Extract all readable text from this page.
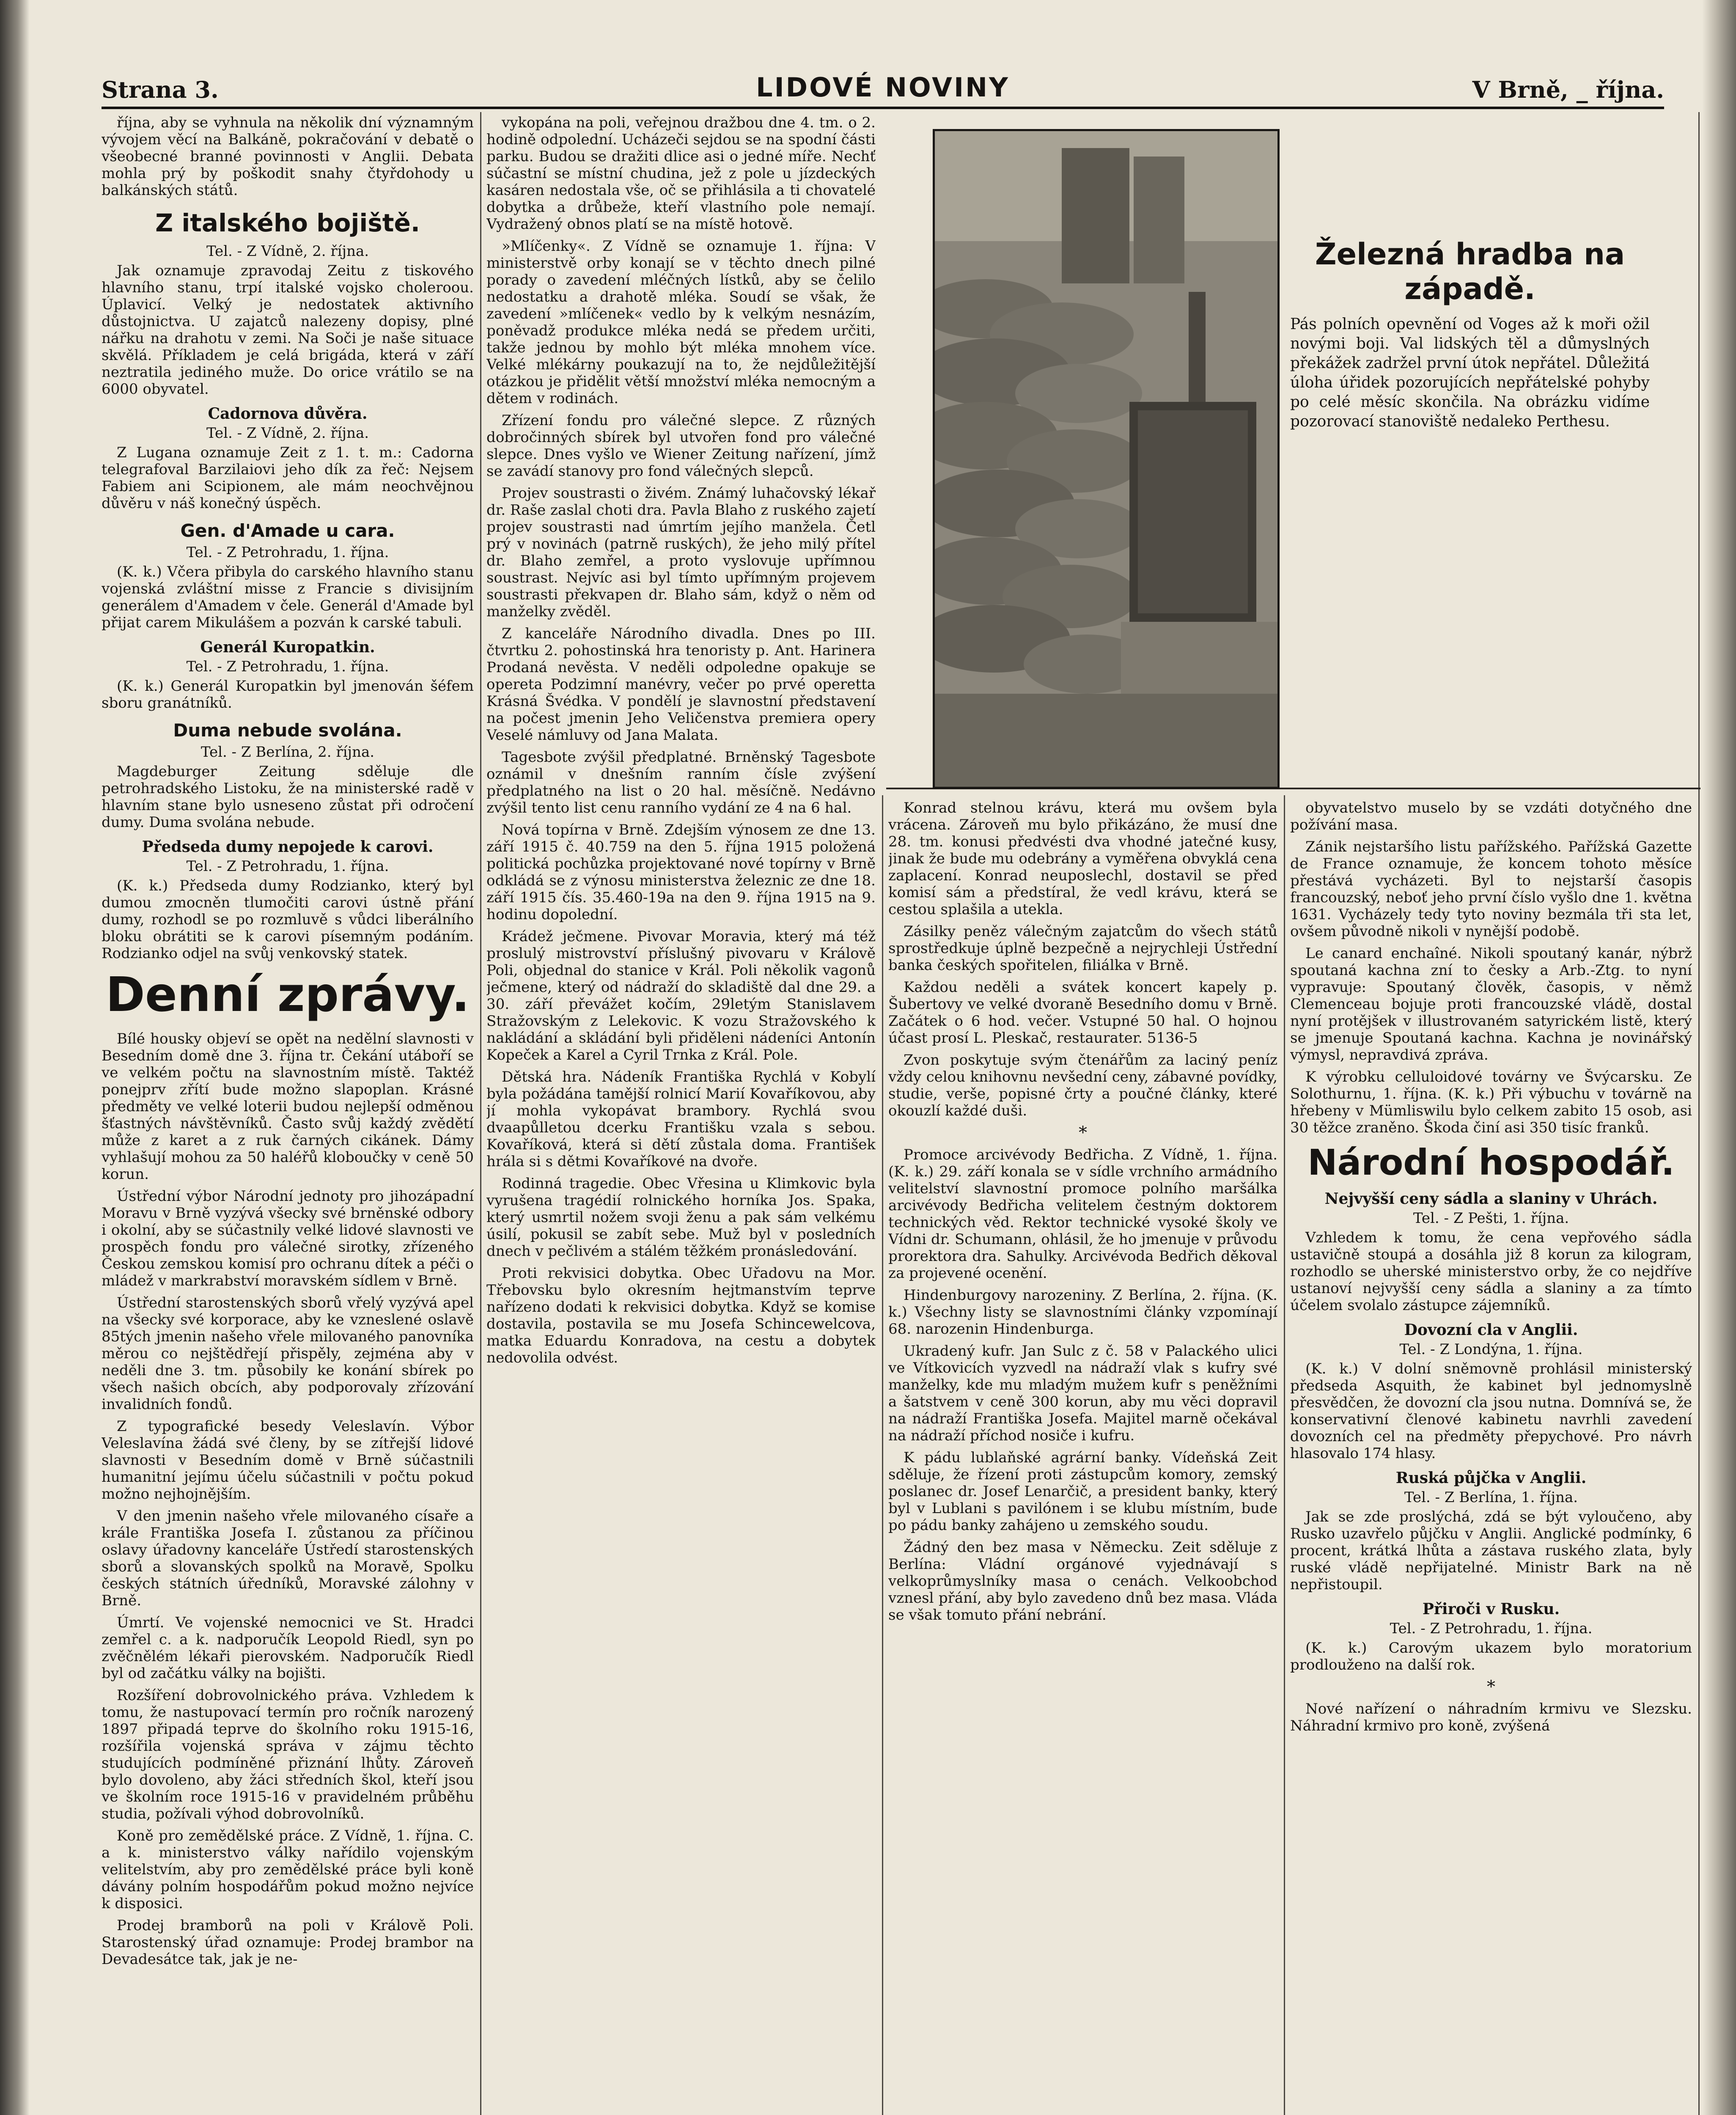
Strana 3.	LIDOVÉ NOVINY	V Brně, _ října.

října, aby se vyhnula na několik dní významným vývojem věcí na Balkáně, pokračování v debatě o všeobecné branné povinnosti v Anglii. Debata mohla prý by poškodit snahy čtyřdohody u balkánských států.

Z italského bojiště.

Tel. - Z Vídně, 2. října.

Jak oznamuje zpravodaj Zeitu z tiskového hlavního stanu, trpí italské vojsko choleroou. Úplavicí. Velký je nedostatek aktivního důstojnictva. U zajatců nalezeny dopisy, plné nářku na drahotu v zemi. Na Soči je naše situace skvělá. Příkladem je celá brigáda, která v září neztratila jediného muže. Do orice vrátilo se na 6000 obyvatel.

Cadornova důvěra.

Tel. - Z Vídně, 2. října.

Z Lugana oznamuje Zeit z 1. t. m.: Cadorna telegrafoval Barzilaiovi jeho dík za řeč: Nejsem Fabiem ani Scipionem, ale mám neochvějnou důvěru v náš konečný úspěch.

Gen. d'Amade u cara.

Tel. - Z Petrohradu, 1. října.

(K. k.) Včera přibyla do carského hlavního stanu vojenská zvláštní misse z Francie s divisijním generálem d'Amadem v čele. Generál d'Amade byl přijat carem Mikulášem a pozván k carské tabuli.

Generál Kuropatkin.

Tel. - Z Petrohradu, 1. října.

(K. k.) Generál Kuropatkin byl jmenován šéfem sboru granátníků.

Duma nebude svolána.

Tel. - Z Berlína, 2. října.

Magdeburger Zeitung sděluje dle petrohradského Listoku, že na ministerské radě v hlavním stane bylo usneseno zůstat při odročení dumy. Duma svolána nebude.

Předseda dumy nepojede k carovi.

Tel. - Z Petrohradu, 1. října.

(K. k.) Předseda dumy Rodzianko, který byl dumou zmocněn tlumočiti carovi ústně přání dumy, rozhodl se po rozmluvě s vůdci liberálního bloku obrátiti se k carovi písemným podáním. Rodzianko odjel na svůj venkovský statek.

Denní zprávy.

Bílé housky objeví se opět na nedělní slavnosti v Besedním domě dne 3. října tr. Čekání utáboří se ve velkém počtu na slavnostním místě. Taktéž ponejprv zřítí bude možno slapoplan. Krásné předměty ve velké loterii budou nejlepší odměnou šťastných návštěvníků. Často svůj každý zvědětí může z karet a z ruk čarných cikánek. Dámy vyhlašují mohou za 50 haléřů kloboučky v ceně 50 korun.

Ústřední výbor Národní jednoty pro jihozápadní Moravu v Brně vyzývá všecky své brněnské odbory i okolní, aby se súčastnily velké lidové slavnosti ve prospěch fondu pro válečné sirotky, zřízeného Českou zemskou komisí pro ochranu dítek a péči o mládež v markrabství moravském sídlem v Brně.

Ústřední starostenských sborů vřelý vyzývá apel na všecky své korporace, aby ke vzneslené oslavě 85tých jmenin našeho vřele milovaného panovníka měrou co nejštědřejí přispěly, zejména aby v neděli dne 3. tm. působily ke konání sbírek po všech našich obcích, aby podporovaly zřízování invalidních fondů.

Z typografické besedy Veleslavín. Výbor Veleslavína žádá své členy, by se zítřejší lidové slavnosti v Besedním domě v Brně súčastnili humanitní jejímu účelu súčastnili v počtu pokud možno nejhojnějším.

V den jmenin našeho vřele milovaného císaře a krále Františka Josefa I. zůstanou za příčinou oslavy úřadovny kanceláře Ústředí starostenských sborů a slovanských spolků na Moravě, Spolku českých státních úředníků, Moravské zálohny v Brně.

Úmrtí. Ve vojenské nemocnici ve St. Hradci zemřel c. a k. nadporučík Leopold Riedl, syn po zvěčnělém lékaři pierovském. Nadporučík Riedl byl od začátku války na bojišti.

Rozšíření dobrovolnického práva. Vzhledem k tomu, že nastupovací termín pro ročník narozený 1897 připadá teprve do školního roku 1915-16, rozšířila vojenská správa v zájmu těchto studujících podmíněné přiznání lhůty. Zároveň bylo dovoleno, aby žáci středních škol, kteří jsou ve školním roce 1915-16 v pravidelném průběhu studia, požívali výhod dobrovolníků.

Koně pro zemědělské práce. Z Vídně, 1. října. C. a k. ministerstvo války nařídilo vojenským velitelstvím, aby pro zemědělské práce byli koně dávány polním hospodářům pokud možno nejvíce k disposici.

Prodej bramborů na poli v Králově Poli. Starostenský úřad oznamuje: Prodej brambor na Devadesátce tak, jak je ne-

vykopána na poli, veřejnou dražbou dne 4. tm. o 2. hodině odpolední. Ucházeči sejdou se na spodní části parku. Budou se dražiti dlice asi o jedné míře. Nechť súčastní se místní chudina, jež z pole u jízdeckých kasáren nedostala vše, oč se přihlásila a ti chovatelé dobytka a drůbeže, kteří vlastního pole nemají. Vydražený obnos platí se na místě hotově.

»Mlíčenky«. Z Vídně se oznamuje 1. října: V ministerstvě orby konají se v těchto dnech pilné porady o zavedení mléčných lístků, aby se čelilo nedostatku a drahotě mléka. Soudí se však, že zavedení »mlíčenek« vedlo by k velkým nesnázím, poněvadž produkce mléka nedá se předem určiti, takže jednou by mohlo být mléka mnohem více. Velké mlékárny poukazují na to, že nejdůležitější otázkou je přidělit větší množství mléka nemocným a dětem v rodinách.

Zřízení fondu pro válečné slepce. Z různých dobročinných sbírek byl utvořen fond pro válečné slepce. Dnes vyšlo ve Wiener Zeitung nařízení, jímž se zavádí stanovy pro fond válečných slepců.

Projev soustrasti o živém. Známý luhačovský lékař dr. Raše zaslal choti dra. Pavla Blaho z ruského zajetí projev soustrasti nad úmrtím jejího manžela. Četl prý v novinách (patrně ruských), že jeho milý přítel dr. Blaho zemřel, a proto vyslovuje upřímnou soustrast. Nejvíc asi byl tímto upřímným projevem soustrasti překvapen dr. Blaho sám, když o něm od manželky zvěděl.

Z kanceláře Národního divadla. Dnes po III. čtvrtku 2. pohostinská hra tenoristy p. Ant. Harinera Prodaná nevěsta. V neděli odpoledne opakuje se opereta Podzimní manévry, večer po prvé operetta Krásná Švédka. V pondělí je slavnostní představení na počest jmenin Jeho Veličenstva premiera opery Veselé námluvy od Jana Malata.

Tagesbote zvýšil předplatné. Brněnský Tagesbote oznámil v dnešním ranním čísle zvýšení předplatného na list o 20 hal. měsíčně. Nedávno zvýšil tento list cenu ranního vydání ze 4 na 6 hal.

Nová topírna v Brně. Zdejším výnosem ze dne 13. září 1915 č. 40.759 na den 5. října 1915 položená politická pochůzka projektované nové topírny v Brně odkládá se z výnosu ministerstva železnic ze dne 18. září 1915 čís. 35.460-19a na den 9. října 1915 na 9. hodinu dopolední.

Krádež ječmene. Pivovar Moravia, který má též proslulý mistrovství příslušný pivovaru v Králově Poli, objednal do stanice v Král. Poli několik vagonů ječmene, který od nádraží do skladiště dal dne 29. a 30. září převážet kočím, 29letým Stanislavem Stražovským z Lelekovic. K vozu Stražovského k nakládání a skládání byli přiděleni nádeníci Antonín Kopeček a Karel a Cyril Trnka z Král. Pole.

Dětská hra. Nádeník Františka Rychlá v Kobylí byla požádána tamější rolnicí Marií Kovaříkovou, aby jí mohla vykopávat brambory. Rychlá svou dvaapůlletou dcerku Františku vzala s sebou. Kovaříková, která si dětí zůstala doma. František hrála si s dětmi Kovaříkové na dvoře.

Rodinná tragedie. Obec Vřesina u Klimkovic byla vyrušena tragédií rolnického horníka Jos. Spaka, který usmrtil nožem svoji ženu a pak sám velkému úsilí, pokusil se zabít sebe. Muž byl v posledních dnech v pečlivém a stálém těžkém pronásledování.

Proti rekvisici dobytka. Obec Uřadovu na Mor. Třebovsku bylo okresním hejtmanstvím teprve nařízeno dodati k rekvisici dobytka. Když se komise dostavila, postavila se mu Josefa Schincewelcova, matka Eduardu Konradova, na cestu a dobytek nedovolila odvést.

Železná hradba na západě.
Pás polních opevnění od Voges až k moři ožil novými boji. Val lidských těl a důmyslných překážek zadržel první útok nepřátel. Důležitá úloha úřidek pozorujících nepřátelské pohyby po celé měsíc skončila. Na obrázku vidíme pozorovací stanoviště nedaleko Perthesu.

Konrad stelnou krávu, která mu ovšem byla vrácena. Zároveň mu bylo přikázáno, že musí dne 28. tm. konusi předvésti dva vhodné jatečné kusy, jinak že bude mu odebrány a vyměřena obvyklá cena zaplacení. Konrad neuposlechl, dostavil se před komisí sám a předstíral, že vedl krávu, která se cestou splašila a utekla.

Zásilky peněz válečným zajatcům do všech států sprostředkuje úplně bezpečně a nejrychleji Ústřední banka českých spořitelen, filiálka v Brně.

Každou neděli a svátek koncert kapely p. Šubertovy ve velké dvoraně Besedního domu v Brně. Začátek o 6 hod. večer. Vstupné 50 hal. O hojnou účast prosí L. Pleskač, restaurater. 5136-5

Zvon poskytuje svým čtenářům za laciný peníz vždy celou knihovnu nevšední ceny, zábavné povídky, studie, verše, popisné črty a poučné články, které okouzlí každé duši.

*

Promoce arcivévody Bedřicha. Z Vídně, 1. října. (K. k.) 29. září konala se v sídle vrchního armádního velitelství slavnostní promoce polního maršálka arcivévody Bedřicha velitelem čestným doktorem technických věd. Rektor technické vysoké školy ve Vídni dr. Schumann, ohlásil, že ho jmenuje v průvodu prorektora dra. Sahulky. Arcivévoda Bedřich děkoval za projevené ocenění.

Hindenburgovy narozeniny. Z Berlína, 2. října. (K. k.) Všechny listy se slavnostními články vzpomínají 68. narozenin Hindenburga.

Ukradený kufr. Jan Sulc z č. 58 v Palackého ulici ve Vítkovicích vyzvedl na nádraží vlak s kufry své manželky, kde mu mladým mužem kufr s peněžními a šatstvem v ceně 300 korun, aby mu věci dopravil na nádraží Františka Josefa. Majitel marně očekával na nádraží příchod nosiče i kufru.

K pádu lublaňské agrární banky. Vídeňská Zeit sděluje, že řízení proti zástupcům komory, zemský poslanec dr. Josef Lenarčič, a president banky, který byl v Lublani s pavilónem i se klubu místním, bude po pádu banky zahájeno u zemského soudu.

Žádný den bez masa v Německu. Zeit sděluje z Berlína: Vládní orgánové vyjednávají s velkoprůmyslníky masa o cenách. Velkoobchod vznesl přání, aby bylo zavedeno dnů bez masa. Vláda se však tomuto přání nebrání.

obyvatelstvo muselo by se vzdáti dotyčného dne požívání masa.

Zánik nejstaršího listu pařížského. Pařížská Gazette de France oznamuje, že koncem tohoto měsíce přestává vycházeti. Byl to nejstarší časopis francouzský, neboť jeho první číslo vyšlo dne 1. května 1631. Vycházely tedy tyto noviny bezmála tři sta let, ovšem původně nikoli v nynější podobě.

Le canard enchaîné. Nikoli spoutaný kanár, nýbrž spoutaná kachna zní to česky a Arb.-Ztg. to nyní vypravuje: Spoutaný člověk, časopis, v němž Clemenceau bojuje proti francouzské vládě, dostal nyní protějšek v illustrovaném satyrickém listě, který se jmenuje Spoutaná kachna. Kachna je novinářský výmysl, nepravdivá zpráva.

K výrobku celluloidové továrny ve Švýcarsku. Ze Solothurnu, 1. října. (K. k.) Při výbuchu v továrně na hřebeny v Mümliswilu bylo celkem zabito 15 osob, asi 30 těžce zraněno. Škoda činí asi 350 tisíc franků.

Národní hospodář.
Nejvyšší ceny sádla a slaniny v Uhrách.

Tel. - Z Pešti, 1. října.

Vzhledem k tomu, že cena vepřového sádla ustavičně stoupá a dosáhla již 8 korun za kilogram, rozhodlo se uherské ministerstvo orby, že co nejdříve ustanoví nejvyšší ceny sádla a slaniny a za tímto účelem svolalo zástupce zájemníků.

Dovozní cla v Anglii.

Tel. - Z Londýna, 1. října.

(K. k.) V dolní sněmovně prohlásil ministerský předseda Asquith, že kabinet byl jednomyslně přesvědčen, že dovozní cla jsou nutna. Domnívá se, že konservativní členové kabinetu navrhli zavedení dovozních cel na předměty přepychové. Pro návrh hlasovalo 174 hlasy.

Ruská půjčka v Anglii.

Tel. - Z Berlína, 1. října.

Jak se zde proslýchá, zdá se být vyloučeno, aby Rusko uzavřelo půjčku v Anglii. Anglické podmínky, 6 procent, krátká lhůta a zástava ruského zlata, byly ruské vládě nepřijatelné. Ministr Bark na ně nepřistoupil.

Přiroči v Rusku.

Tel. - Z Petrohradu, 1. října.

(K. k.) Carovým ukazem bylo moratorium prodlouženo na další rok.

*

Nové nařízení o náhradním krmivu ve Slezsku. Náhradní krmivo pro koně, zvýšená
